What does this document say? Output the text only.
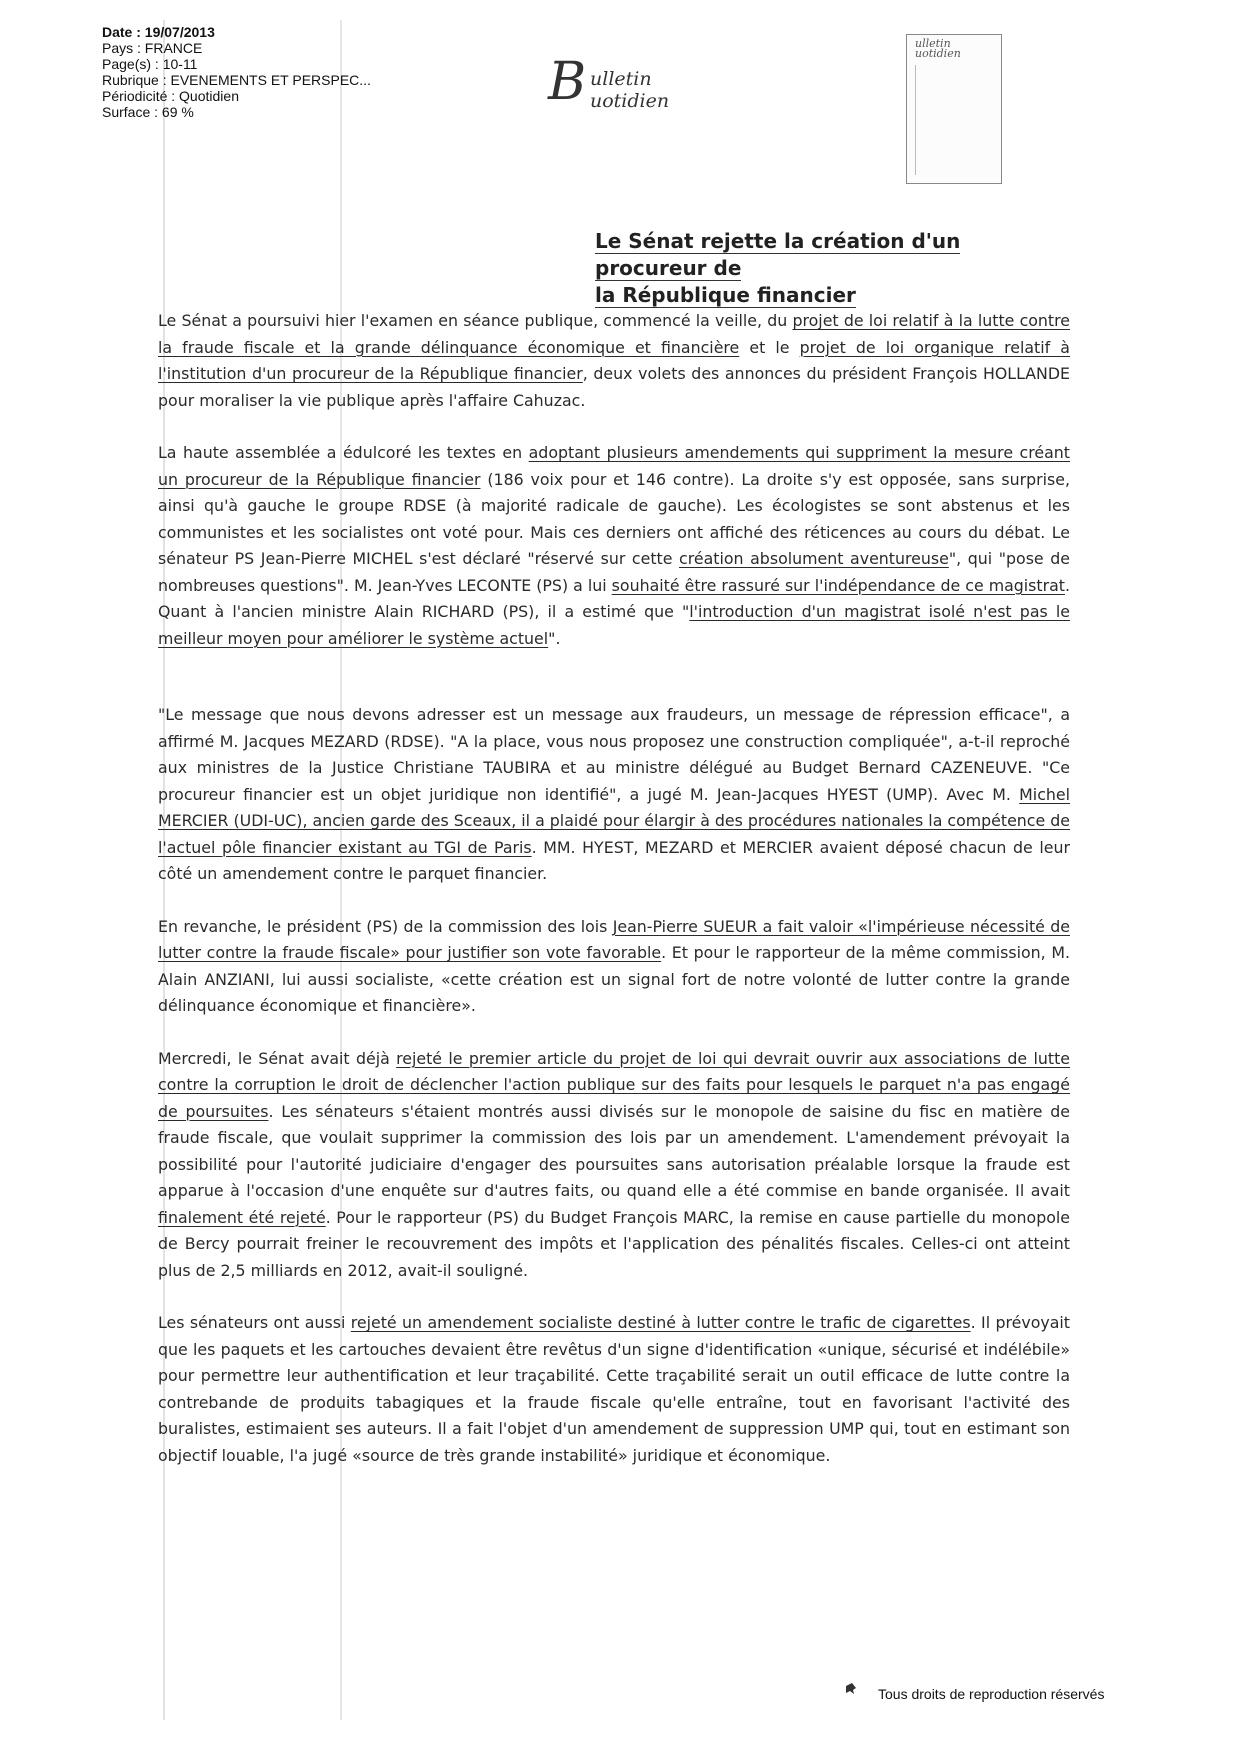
Date : 19/07/2013
Pays : FRANCE
Page(s) : 10-11
Rubrique : EVENEMENTS ET PERSPEC...
Périodicité : Quotidien
Surface : 69 %	B ulletin
uotidien
ulletin
uotidien
Le Sénat rejette la création d'un procureur de
la République financier

Le Sénat a poursuivi hier l'examen en séance publique, commencé la veille, du projet de loi relatif à la lutte contre la fraude fiscale et la grande délinquance économique et financière et le projet de loi organique relatif à l'institution d'un procureur de la République financier, deux volets des annonces du président François HOLLANDE pour moraliser la vie publique après l'affaire Cahuzac.

La haute assemblée a édulcoré les textes en adoptant plusieurs amendements qui suppriment la mesure créant un procureur de la République financier (186 voix pour et 146 contre). La droite s'y est opposée, sans surprise, ainsi qu'à gauche le groupe RDSE (à majorité radicale de gauche). Les écologistes se sont abstenus et les communistes et les socialistes ont voté pour. Mais ces derniers ont affiché des réticences au cours du débat. Le sénateur PS Jean-Pierre MICHEL s'est déclaré "réservé sur cette création absolument aventureuse", qui "pose de nombreuses questions". M. Jean-Yves LECONTE (PS) a lui souhaité être rassuré sur l'indépendance de ce magistrat. Quant à l'ancien ministre Alain RICHARD (PS), il a estimé que "l'introduction d'un magistrat isolé n'est pas le meilleur moyen pour améliorer le système actuel".

"Le message que nous devons adresser est un message aux fraudeurs, un message de répression efficace", a affirmé M. Jacques MEZARD (RDSE). "A la place, vous nous proposez une construction compliquée", a-t-il reproché aux ministres de la Justice Christiane TAUBIRA et au ministre délégué au Budget Bernard CAZENEUVE. "Ce procureur financier est un objet juridique non identifié", a jugé M. Jean-Jacques HYEST (UMP). Avec M. Michel MERCIER (UDI-UC), ancien garde des Sceaux, il a plaidé pour élargir à des procédures nationales la compétence de l'actuel pôle financier existant au TGI de Paris. MM. HYEST, MEZARD et MERCIER avaient déposé chacun de leur côté un amendement contre le parquet financier.

En revanche, le président (PS) de la commission des lois Jean-Pierre SUEUR a fait valoir «l'impérieuse nécessité de lutter contre la fraude fiscale» pour justifier son vote favorable. Et pour le rapporteur de la même commission, M. Alain ANZIANI, lui aussi socialiste, «cette création est un signal fort de notre volonté de lutter contre la grande délinquance économique et financière».

Mercredi, le Sénat avait déjà rejeté le premier article du projet de loi qui devrait ouvrir aux associations de lutte contre la corruption le droit de déclencher l'action publique sur des faits pour lesquels le parquet n'a pas engagé de poursuites. Les sénateurs s'étaient montrés aussi divisés sur le monopole de saisine du fisc en matière de fraude fiscale, que voulait supprimer la commission des lois par un amendement. L'amendement prévoyait la possibilité pour l'autorité judiciaire d'engager des poursuites sans autorisation préalable lorsque la fraude est apparue à l'occasion d'une enquête sur d'autres faits, ou quand elle a été commise en bande organisée. Il avait finalement été rejeté. Pour le rapporteur (PS) du Budget François MARC, la remise en cause partielle du monopole de Bercy pourrait freiner le recouvrement des impôts et l'application des pénalités fiscales. Celles-ci ont atteint plus de 2,5 milliards en 2012, avait-il souligné.

Les sénateurs ont aussi rejeté un amendement socialiste destiné à lutter contre le trafic de cigarettes. Il prévoyait que les paquets et les cartouches devaient être revêtus d'un signe d'identification «unique, sécurisé et indélébile» pour permettre leur authentification et leur traçabilité. Cette traçabilité serait un outil efficace de lutte contre la contrebande de produits tabagiques et la fraude fiscale qu'elle entraîne, tout en favorisant l'activité des buralistes, estimaient ses auteurs. Il a fait l'objet d'un amendement de suppression UMP qui, tout en estimant son objectif louable, l'a jugé «source de très grande instabilité» juridique et économique.

Tous droits de reproduction réservés
